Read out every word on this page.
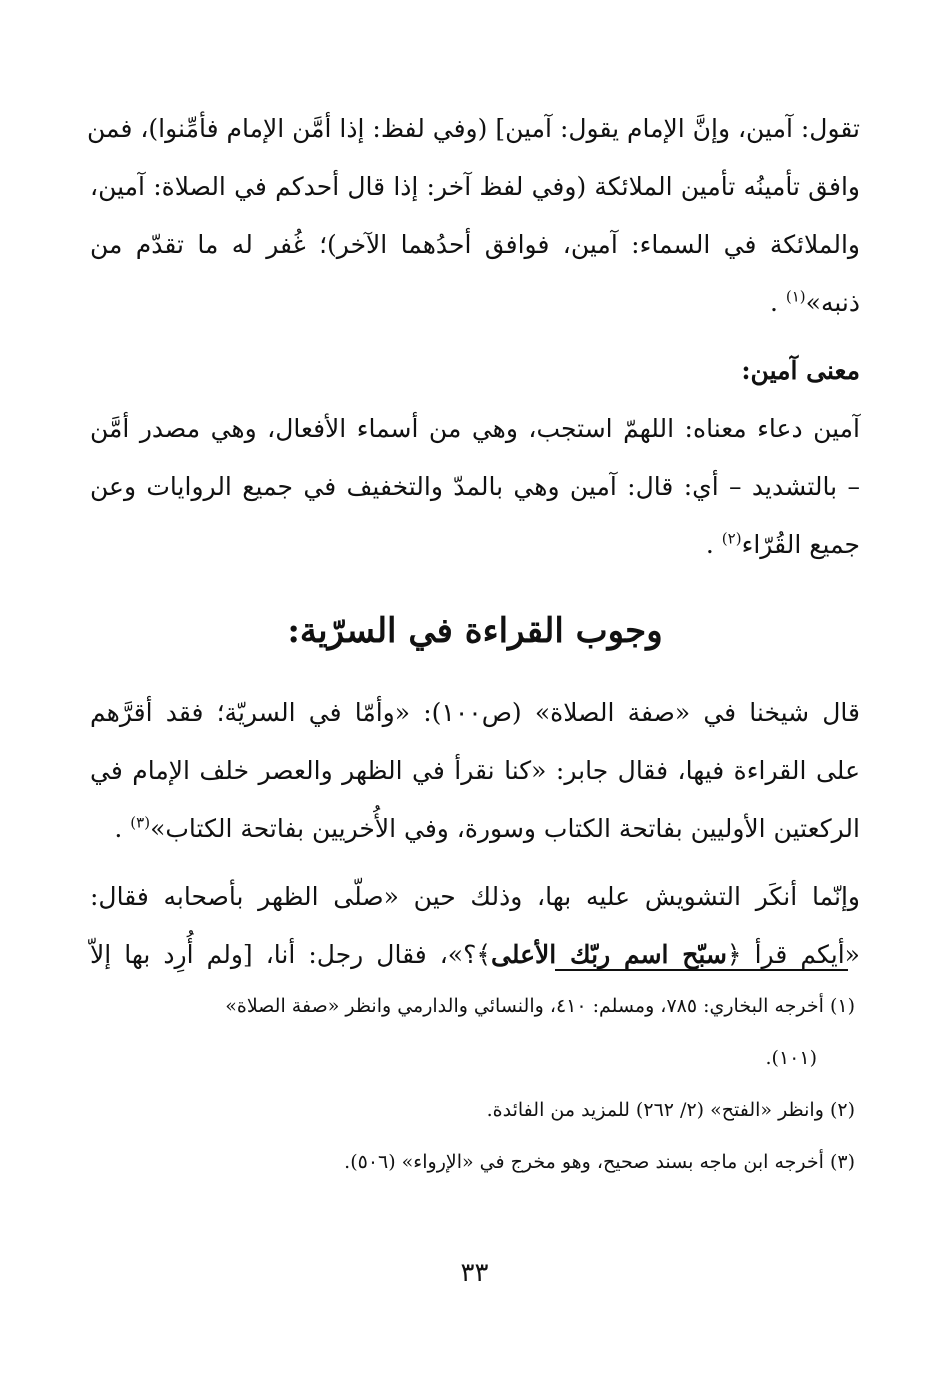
تقول: آمين، وإنَّ الإمام يقول: آمين] (وفي لفظ: إذا أمَّن الإمام فأمِّنوا)، فمن
وافق تأمينُه تأمين الملائكة (وفي لفظ آخر: إذا قال أحدكم في الصلاة: آمين،
والملائكة في السماء: آمين، فوافق أحدُهما الآخر)؛ غُفر له ما تقدّم من
ذنبه»$^{(١)}$ .

معنى آمين:

آمين دعاء معناه: اللهمّ استجب، وهي من أسماء الأفعال، وهي مصدر أمَّن
– بالتشديد – أي: قال: آمين وهي بالمدّ والتخفيف في جميع الروايات وعن
جميع القُرّاء$^{(٢)}$ .

وجوب القراءة في السرّية:

قال شيخنا في «صفة الصلاة» (ص١٠٠): «وأمّا في السريّة؛ فقد أقرَّهم
على القراءة فيها، فقال جابر: «كنا نقرأ في الظهر والعصر خلف الإمام في
الركعتين الأوليين بفاتحة الكتاب وسورة، وفي الأُخريين بفاتحة الكتاب»$^{(٣)}$ .

وإنّما أنكَر التشويش عليه بها، وذلك حين «صلّى الظهر بأصحابه فقال:
«أيكم قرأ ﴿سبّح اسم ربّك الأعلى﴾؟»، فقال رجل: أنا، [ولم أُرِد بها إلاّ

(١) أخرجه البخاري: ٧٨٥، ومسلم: ٤١٠، والنسائي والدارمي وانظر «صفة الصلاة»

(١٠١).

(٢) وانظر «الفتح» (٢/ ٢٦٢) للمزيد من الفائدة.

(٣) أخرجه ابن ماجه بسند صحيح، وهو مخرج في «الإرواء» (٥٠٦).

٣٣
